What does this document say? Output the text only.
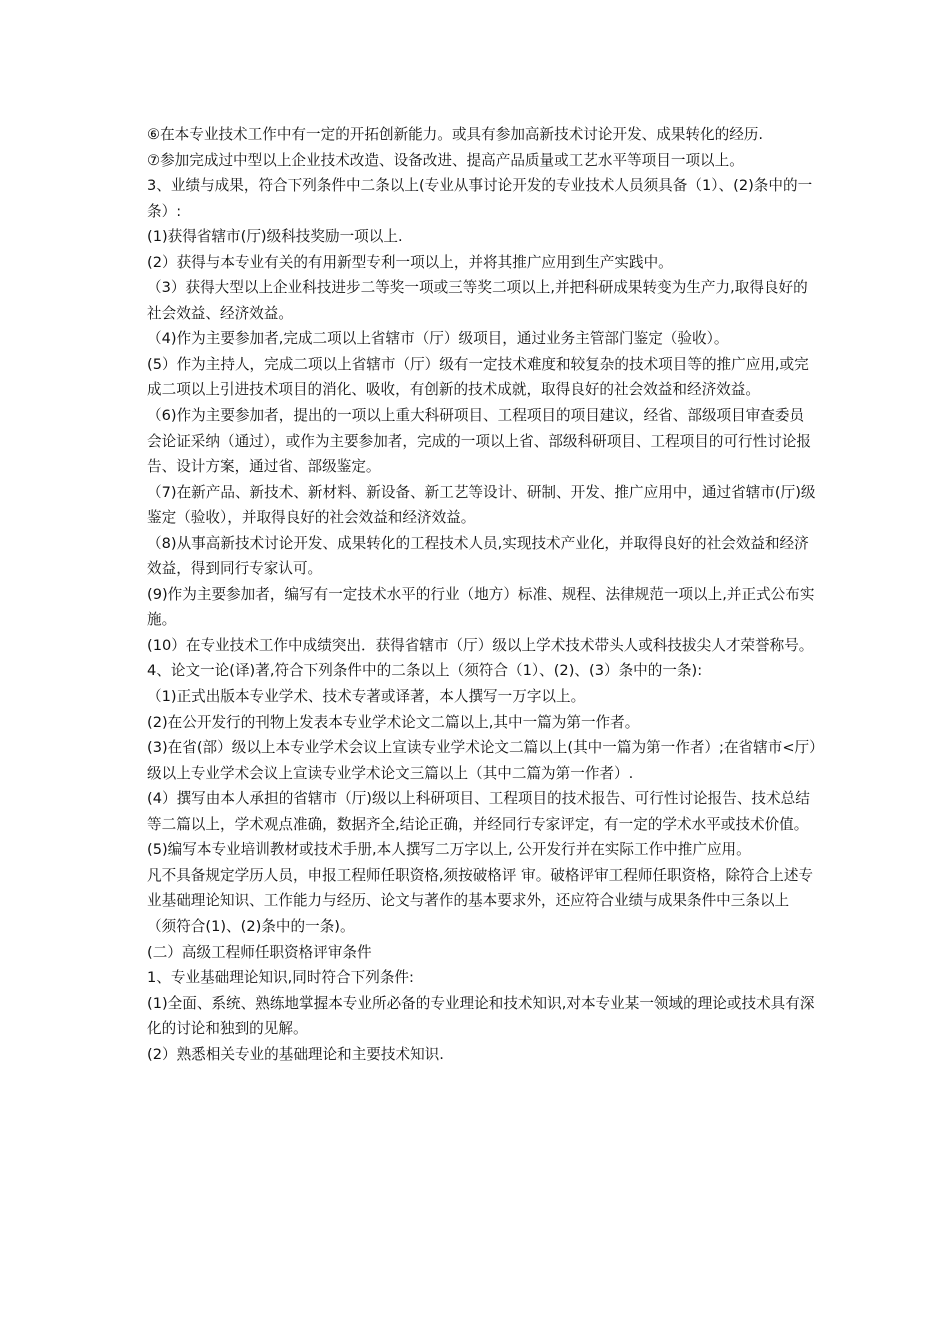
⑥在本专业技术工作中有一定的开拓创新能力。或具有参加高新技术讨论开发、成果转化的经历.

⑦参加完成过中型以上企业技术改造、设备改进、提高产品质量或工艺水平等项目一项以上。

3、业绩与成果，符合下列条件中二条以上(专业从事讨论开发的专业技术人员须具备（1）、(2)条中的一条）:

(1)获得省辖市(厅)级科技奖励一项以上.

(2）获得与本专业有关的有用新型专利一项以上，并将其推广应用到生产实践中。

（3）获得大型以上企业科技进步二等奖一项或三等奖二项以上,并把科研成果转变为生产力,取得良好的社会效益、经济效益。

（4)作为主要参加者,完成二项以上省辖市（厅）级项目，通过业务主管部门鉴定（验收）。

(5）作为主持人，完成二项以上省辖市（厅）级有一定技术难度和较复杂的技术项目等的推广应用,或完成二项以上引进技术项目的消化、吸收，有创新的技术成就，取得良好的社会效益和经济效益。

（6)作为主要参加者，提出的一项以上重大科研项目、工程项目的项目建议，经省、部级项目审查委员会论证采纳（通过），或作为主要参加者，完成的一项以上省、部级科研项目、工程项目的可行性讨论报告、设计方案，通过省、部级鉴定。

（7)在新产品、新技术、新材料、新设备、新工艺等设计、研制、开发、推广应用中，通过省辖市(厅)级鉴定（验收），并取得良好的社会效益和经济效益。

（8)从事高新技术讨论开发、成果转化的工程技术人员,实现技术产业化，并取得良好的社会效益和经济效益，得到同行专家认可。

(9)作为主要参加者，编写有一定技术水平的行业（地方）标准、规程、法律规范一项以上,并正式公布实施。

(10）在专业技术工作中成绩突出．获得省辖市（厅）级以上学术技术带头人或科技拔尖人才荣誉称号。

4、论文一论(译)著,符合下列条件中的二条以上（须符合（1）、(2)、(3）条中的一条):

（1)正式出版本专业学术、技术专著或译著，本人撰写一万字以上。

(2)在公开发行的刊物上发表本专业学术论文二篇以上,其中一篇为第一作者。

(3)在省(部）级以上本专业学术会议上宣读专业学术论文二篇以上(其中一篇为第一作者）;在省辖市<厅）级以上专业学术会议上宣读专业学术论文三篇以上（其中二篇为第一作者）.

(4）撰写由本人承担的省辖市（厅)级以上科研项目、工程项目的技术报告、可行性讨论报告、技术总结等二篇以上，学术观点准确，数据齐全,结论正确，并经同行专家评定，有一定的学术水平或技术价值。

(5)编写本专业培训教材或技术手册,本人撰写二万字以上, 公开发行并在实际工作中推广应用。

凡不具备规定学历人员，申报工程师任职资格,须按破格评 审。破格评审工程师任职资格，除符合上述专业基础理论知识、工作能力与经历、论文与著作的基本要求外，还应符合业绩与成果条件中三条以上（须符合(1)、(2)条中的一条)。

(二）高级工程师任职资格评审条件

1、专业基础理论知识,同时符合下列条件:

(1)全面、系统、熟练地掌握本专业所必备的专业理论和技术知识,对本专业某一领域的理论或技术具有深化的讨论和独到的见解。

(2）熟悉相关专业的基础理论和主要技术知识.
